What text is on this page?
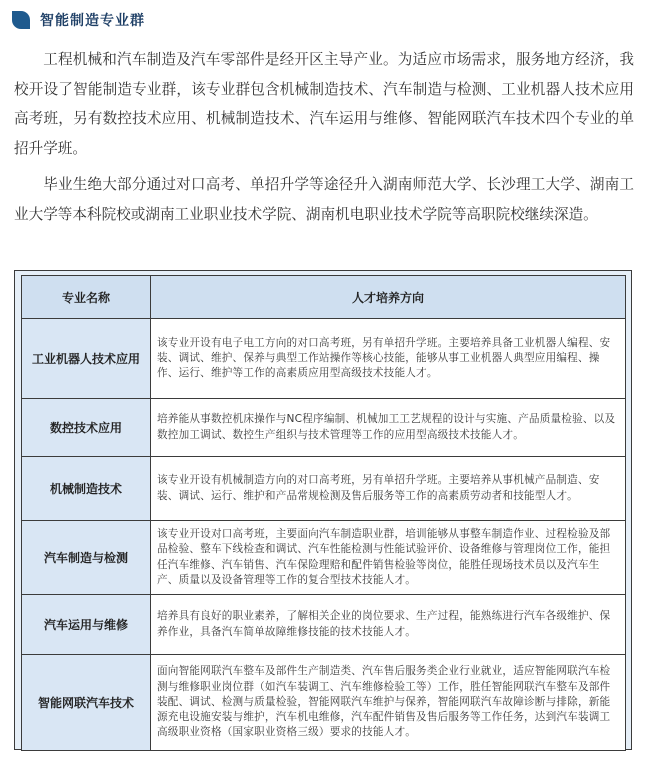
智能制造专业群
工程机械和汽车制造及汽车零部件是经开区主导产业。为适应市场需求，服务地方经济，我校开设了智能制造专业群，该专业群包含机械制造技术、汽车制造与检测、工业机器人技术应用高考班，另有数控技术应用、机械制造技术、汽车运用与维修、智能网联汽车技术四个专业的单招升学班。
毕业生绝大部分通过对口高考、单招升学等途径升入湖南师范大学、长沙理工大学、湖南工业大学等本科院校或湖南工业职业技术学院、湖南机电职业技术学院等高职院校继续深造。
专业名称	人才培养方向
工业机器人技术应用	该专业开设有电子电工方向的对口高考班，另有单招升学班。主要培养具备工业机器人编程、安装、调试、维护、保养与典型工作站操作等核心技能，能够从事工业机器人典型应用编程、操作、运行、维护等工作的高素质应用型高级技术技能人才。
数控技术应用	培养能从事数控机床操作与NC程序编制、机械加工工艺规程的设计与实施、产品质量检验、以及数控加工调试、数控生产组织与技术管理等工作的应用型高级技术技能人才。
机械制造技术	该专业开设有机械制造方向的对口高考班，另有单招升学班。主要培养从事机械产品制造、安装、调试、运行、维护和产品常规检测及售后服务等工作的高素质劳动者和技能型人才。
汽车制造与检测	该专业开设对口高考班，主要面向汽车制造职业群，培训能够从事整车制造作业、过程检验及部品检验、整车下线检查和调试、汽车性能检测与性能试验评价、设备维修与管理岗位工作，能担任汽车维修、汽车销售、汽车保险理赔和配件销售检验等岗位，能胜任现场技术员以及汽车生产、质量以及设备管理等工作的复合型技术技能人才。
汽车运用与维修	培养具有良好的职业素养，了解相关企业的岗位要求、生产过程，能熟练进行汽车各级维护、保养作业，具备汽车简单故障维修技能的技术技能人才。
智能网联汽车技术	面向智能网联汽车整车及部件生产制造类、汽车售后服务类企业行业就业，适应智能网联汽车检测与维修职业岗位群（如汽车装调工、汽车维修检验工等）工作，胜任智能网联汽车整车及部件装配、调试、检测与质量检验，智能网联汽车维护与保养，智能网联汽车故障诊断与排除，新能源充电设施安装与维护，汽车机电维修，汽车配件销售及售后服务等工作任务，达到汽车装调工高级职业资格（国家职业资格三级）要求的技能人才。
